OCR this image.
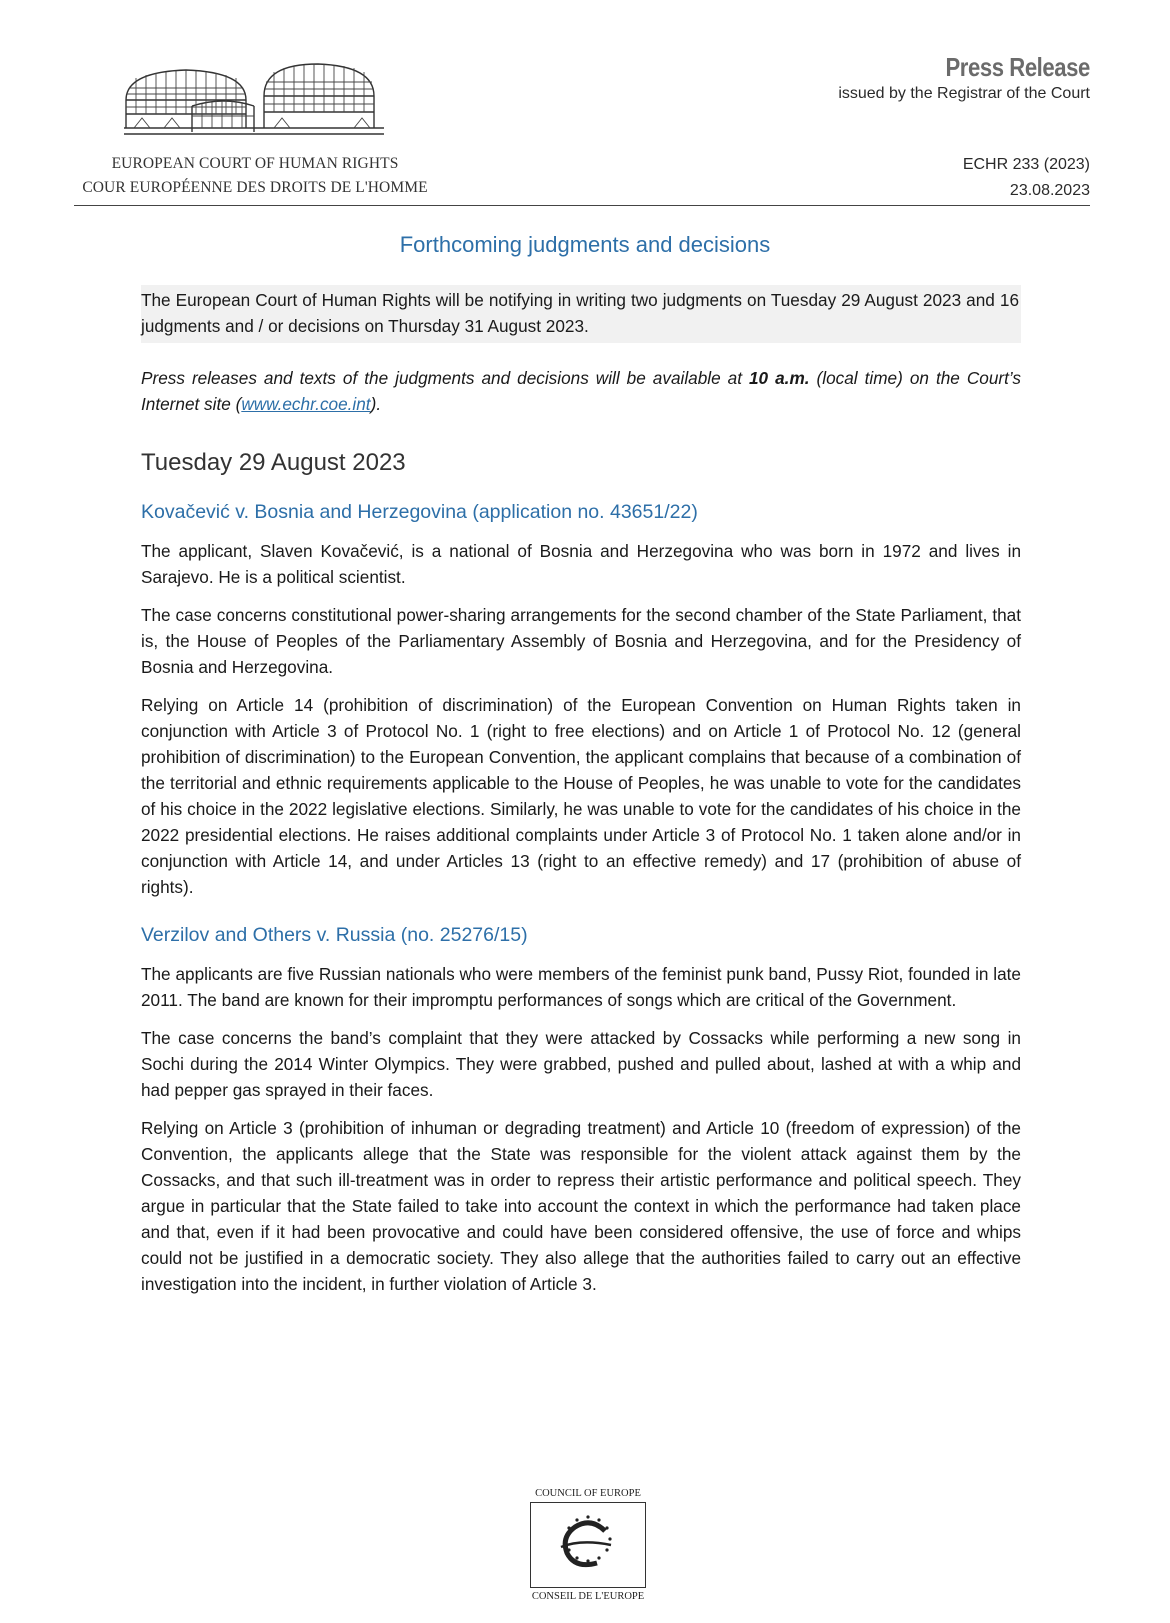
EUROPEAN COURT OF HUMAN RIGHTS
COUR EUROPÉENNE DES DROITS DE L'HOMME
Press Release
issued by the Registrar of the Court
ECHR 233 (2023)
23.08.2023
Forthcoming judgments and decisions

The European Court of Human Rights will be notifying in writing two judgments on Tuesday 29 August 2023 and 16 judgments and / or decisions on Thursday 31 August 2023.

Press releases and texts of the judgments and decisions will be available at 10 a.m. (local time) on the Court’s Internet site (www.echr.coe.int).

Tuesday 29 August 2023
Kovačević v. Bosnia and Herzegovina (application no. 43651/22)

The applicant, Slaven Kovačević, is a national of Bosnia and Herzegovina who was born in 1972 and lives in Sarajevo. He is a political scientist.

The case concerns constitutional power-sharing arrangements for the second chamber of the State Parliament, that is, the House of Peoples of the Parliamentary Assembly of Bosnia and Herzegovina, and for the Presidency of Bosnia and Herzegovina.

Relying on Article 14 (prohibition of discrimination) of the European Convention on Human Rights taken in conjunction with Article 3 of Protocol No. 1 (right to free elections) and on Article 1 of Protocol No. 12 (general prohibition of discrimination) to the European Convention, the applicant complains that because of a combination of the territorial and ethnic requirements applicable to the House of Peoples, he was unable to vote for the candidates of his choice in the 2022 legislative elections. Similarly, he was unable to vote for the candidates of his choice in the 2022 presidential elections. He raises additional complaints under Article 3 of Protocol No. 1 taken alone and/or in conjunction with Article 14, and under Articles 13 (right to an effective remedy) and 17 (prohibition of abuse of rights).

Verzilov and Others v. Russia (no. 25276/15)

The applicants are five Russian nationals who were members of the feminist punk band, Pussy Riot, founded in late 2011. The band are known for their impromptu performances of songs which are critical of the Government.

The case concerns the band’s complaint that they were attacked by Cossacks while performing a new song in Sochi during the 2014 Winter Olympics. They were grabbed, pushed and pulled about, lashed at with a whip and had pepper gas sprayed in their faces.

Relying on Article 3 (prohibition of inhuman or degrading treatment) and Article 10 (freedom of expression) of the Convention, the applicants allege that the State was responsible for the violent attack against them by the Cossacks, and that such ill-treatment was in order to repress their artistic performance and political speech. They argue in particular that the State failed to take into account the context in which the performance had taken place and that, even if it had been provocative and could have been considered offensive, the use of force and whips could not be justified in a democratic society. They also allege that the authorities failed to carry out an effective investigation into the incident, in further violation of Article 3.

COUNCIL OF EUROPE
CONSEIL DE L'EUROPE
